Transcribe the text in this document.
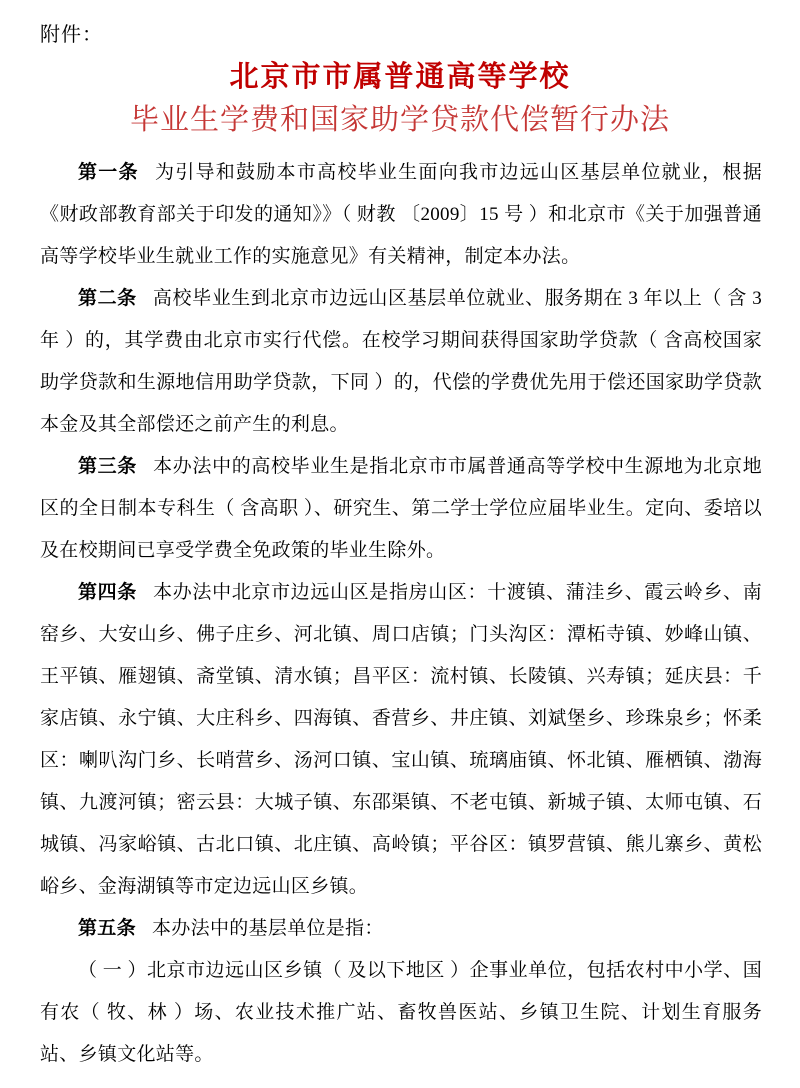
附件：
北京市市属普通高等学校
毕业生学费和国家助学贷款代偿暂行办法

第一条 为引导和鼓励本市高校毕业生面向我市边远山区基层单位就业，根据《财政部教育部关于印发的通知》》（ 财教 〔2009〕15 号 ）和北京市《关于加强普通高等学校毕业生就业工作的实施意见》有关精神，制定本办法。

第二条 高校毕业生到北京市边远山区基层单位就业、服务期在 3 年以上（ 含 3 年 ）的，其学费由北京市实行代偿。在校学习期间获得国家助学贷款（ 含高校国家助学贷款和生源地信用助学贷款，下同 ）的，代偿的学费优先用于偿还国家助学贷款本金及其全部偿还之前产生的利息。

第三条 本办法中的高校毕业生是指北京市市属普通高等学校中生源地为北京地区的全日制本专科生（ 含高职 ）、研究生、第二学士学位应届毕业生。定向、委培以及在校期间已享受学费全免政策的毕业生除外。

第四条 本办法中北京市边远山区是指房山区：十渡镇、蒲洼乡、霞云岭乡、南窑乡、大安山乡、佛子庄乡、河北镇、周口店镇；门头沟区：潭柘寺镇、妙峰山镇、王平镇、雁翅镇、斋堂镇、清水镇；昌平区：流村镇、长陵镇、兴寿镇；延庆县：千家店镇、永宁镇、大庄科乡、四海镇、香营乡、井庄镇、刘斌堡乡、珍珠泉乡；怀柔区：喇叭沟门乡、长哨营乡、汤河口镇、宝山镇、琉璃庙镇、怀北镇、雁栖镇、渤海镇、九渡河镇；密云县：大城子镇、东邵渠镇、不老屯镇、新城子镇、太师屯镇、石城镇、冯家峪镇、古北口镇、北庄镇、高岭镇；平谷区：镇罗营镇、熊儿寨乡、黄松峪乡、金海湖镇等市定边远山区乡镇。

第五条 本办法中的基层单位是指：

（ 一 ）北京市边远山区乡镇（ 及以下地区 ）企事业单位，包括农村中小学、国有农（ 牧、林 ）场、农业技术推广站、畜牧兽医站、乡镇卫生院、计划生育服务站、乡镇文化站等。
